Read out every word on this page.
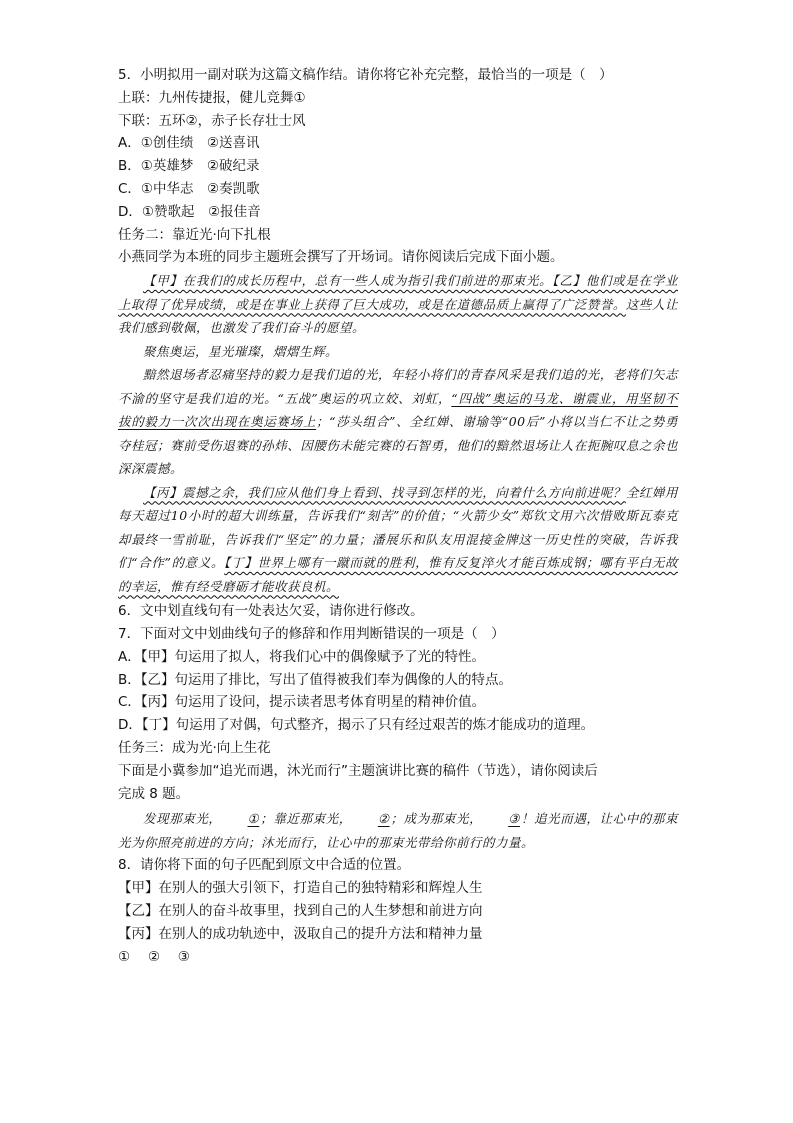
5．小明拟用一副对联为这篇文稿作结。请你将它补充完整，最恰当的一项是（　）
上联：九州传捷报，健儿竞舞①
下联：五环②，赤子长存壮士风
A．①创佳绩　②送喜讯
B．①英雄梦　②破纪录
C．①中华志　②奏凯歌
D．①赞歌起　②报佳音
任务二：靠近光·向下扎根
小燕同学为本班的同步主题班会撰写了开场词。请你阅读后完成下面小题。

【甲】在我们的成长历程中，总有一些人成为指引我们前进的那束光。【乙】他们或是在学业上取得了优异成绩，或是在事业上获得了巨大成功，或是在道德品质上赢得了广泛赞誉。这些人让我们感到敬佩，也激发了我们奋斗的愿望。

聚焦奥运，星光璀璨，熠熠生辉。

黯然退场者忍痛坚持的毅力是我们追的光，年轻小将们的青春风采是我们追的光，老将们矢志不渝的坚守是我们追的光。“五战”奥运的巩立姣、刘虹，“四战”奥运的马龙、谢震业，用坚韧不拔的毅力一次次出现在奥运赛场上；“莎头组合”、全红婵、谢瑜等“00后”小将以当仁不让之势勇夺桂冠；赛前受伤退赛的孙炜、因腰伤未能完赛的石智勇，他们的黯然退场让人在扼腕叹息之余也深深震撼。

【丙】震撼之余，我们应从他们身上看到、找寻到怎样的光，向着什么方向前进呢？全红婵用每天超过10小时的超大训练量，告诉我们“刻苦”的价值；“火箭少女”郑钦文用六次惜败斯瓦泰克却最终一雪前耻，告诉我们“坚定”的力量；潘展乐和队友用混接金牌这一历史性的突破，告诉我们“合作”的意义。【丁】世界上哪有一蹴而就的胜利，惟有反复淬火才能百炼成钢；哪有平白无故的幸运，惟有经受磨砺才能收获良机。

6．文中划直线句有一处表达欠妥，请你进行修改。
7．下面对文中划曲线句子的修辞和作用判断错误的一项是（　）
A．【甲】句运用了拟人，将我们心中的偶像赋予了光的特性。
B．【乙】句运用了排比，写出了值得被我们奉为偶像的人的特点。
C．【丙】句运用了设问，提示读者思考体育明星的精神价值。
D．【丁】句运用了对偶，句式整齐，揭示了只有经过艰苦的炼才能成功的道理。
任务三：成为光·向上生花
下面是小冀参加“追光而遇，沐光而行”主题演讲比赛的稿件（节选），请你阅读后
完成 8 题。

发现那束光， ①；靠近那束光， ②；成为那束光， ③！追光而遇，让心中的那束光为你照亮前进的方向；沐光而行，让心中的那束光带给你前行的力量。

8．请你将下面的句子匹配到原文中合适的位置。
【甲】在别人的强大引领下，打造自己的独特精彩和辉煌人生
【乙】在别人的奋斗故事里，找到自己的人生梦想和前进方向
【丙】在别人的成功轨迹中，汲取自己的提升方法和精神力量
①　 ②　 ③
